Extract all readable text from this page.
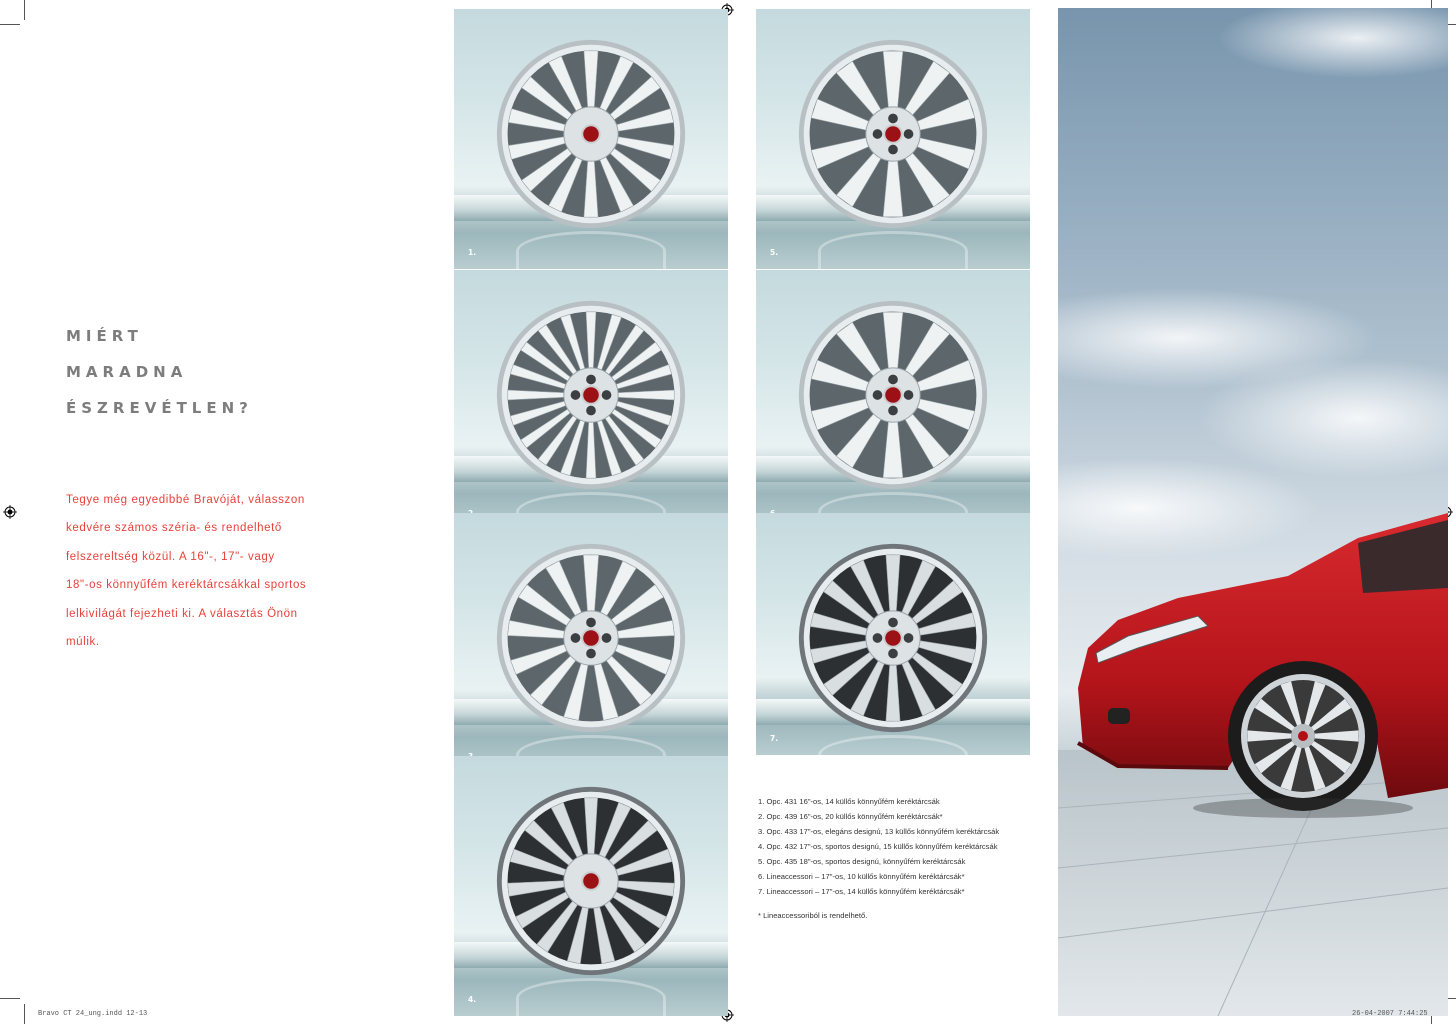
MIÉRT
MARADNA
ÉSZREVÉTLEN?
Tegye még egyedibbé Bravóját, válasszon
kedvére számos széria- és rendelhető
felszereltség közül. A 16"-, 17"- vagy
18"-os könnyűfém keréktárcsákkal sportos
lelkivilágát fejezheti ki. A választás Önön
múlik.
1.
4.
5.
7.
1. Opc. 431 16"-os, 14 küllős könnyűfém keréktárcsák
2. Opc. 439 16"-os, 20 küllős könnyűfém keréktárcsák*
3. Opc. 433 17"-os, elegáns designú, 13 küllős könnyűfém keréktárcsák
4. Opc. 432 17"-os, sportos designú, 15 küllős könnyűfém keréktárcsák
5. Opc. 435 18"-os, sportos designú, könnyűfém keréktárcsák
6. Lineaccessori – 17"-os, 10 küllős könnyűfém keréktárcsák*
7. Lineaccessori – 17"-os, 14 küllős könnyűfém keréktárcsák*
* Lineaccessoriból is rendelhető.
Bravo CT 24_ung.indd 12-13	26-04-2007 7:44:25
